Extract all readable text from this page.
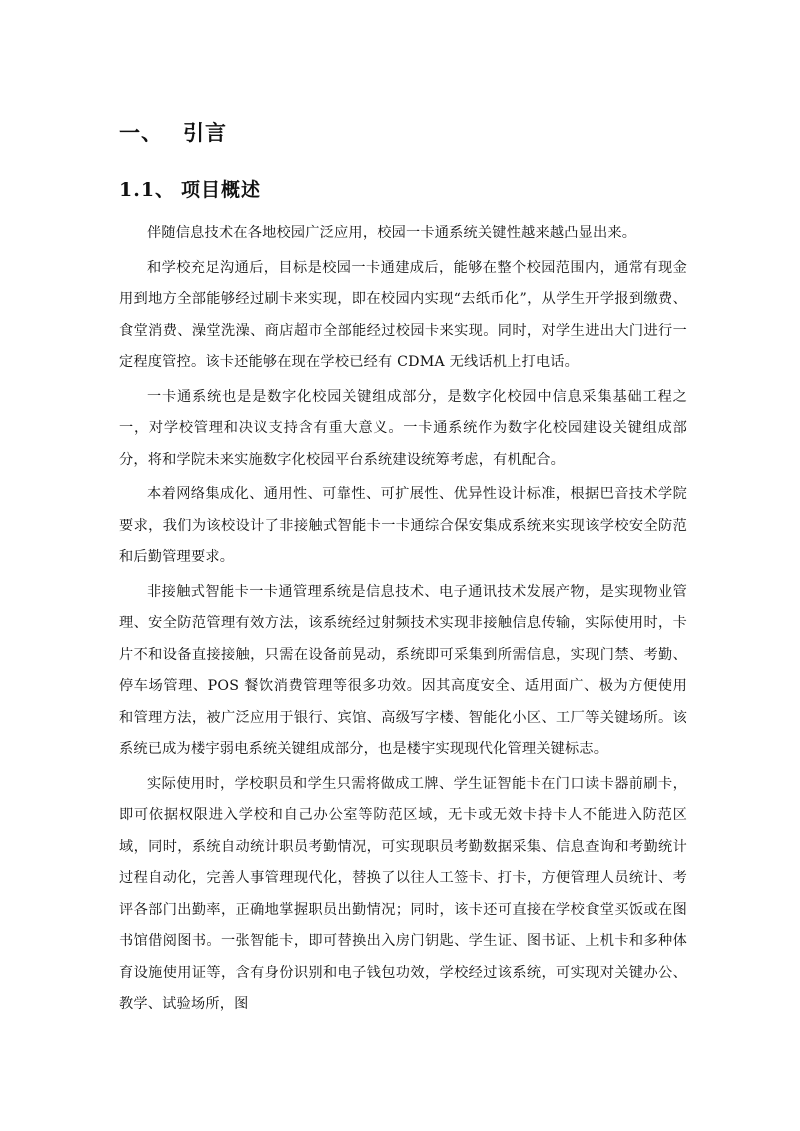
一、 引言
1.1、 项目概述

伴随信息技术在各地校园广泛应用，校园一卡通系统关键性越来越凸显出来。

和学校充足沟通后，目标是校园一卡通建成后，能够在整个校园范围内，通常有现金用到地方全部能够经过刷卡来实现，即在校园内实现“去纸币化”，从学生开学报到缴费、食堂消费、澡堂洗澡、商店超市全部能经过校园卡来实现。同时，对学生进出大门进行一定程度管控。该卡还能够在现在学校已经有 CDMA 无线话机上打电话。

一卡通系统也是是数字化校园关键组成部分，是数字化校园中信息采集基础工程之一，对学校管理和决议支持含有重大意义。一卡通系统作为数字化校园建设关键组成部分，将和学院未来实施数字化校园平台系统建设统筹考虑，有机配合。

本着网络集成化、通用性、可靠性、可扩展性、优异性设计标准，根据巴音技术学院要求，我们为该校设计了非接触式智能卡一卡通综合保安集成系统来实现该学校安全防范和后勤管理要求。

非接触式智能卡一卡通管理系统是信息技术、电子通讯技术发展产物，是实现物业管理、安全防范管理有效方法，该系统经过射频技术实现非接触信息传输，实际使用时，卡片不和设备直接接触，只需在设备前晃动，系统即可采集到所需信息，实现门禁、考勤、停车场管理、POS 餐饮消费管理等很多功效。因其高度安全、适用面广、极为方便使用和管理方法，被广泛应用于银行、宾馆、高级写字楼、智能化小区、工厂等关键场所。该系统已成为楼宇弱电系统关键组成部分，也是楼宇实现现代化管理关键标志。

实际使用时，学校职员和学生只需将做成工牌、学生证智能卡在门口读卡器前刷卡，即可依据权限进入学校和自己办公室等防范区域，无卡或无效卡持卡人不能进入防范区域，同时，系统自动统计职员考勤情况，可实现职员考勤数据采集、信息查询和考勤统计过程自动化，完善人事管理现代化，替换了以往人工签卡、打卡，方便管理人员统计、考评各部门出勤率，正确地掌握职员出勤情况；同时，该卡还可直接在学校食堂买饭或在图书馆借阅图书。一张智能卡，即可替换出入房门钥匙、学生证、图书证、上机卡和多种体育设施使用证等，含有身份识别和电子钱包功效，学校经过该系统，可实现对关键办公、教学、试验场所，图
